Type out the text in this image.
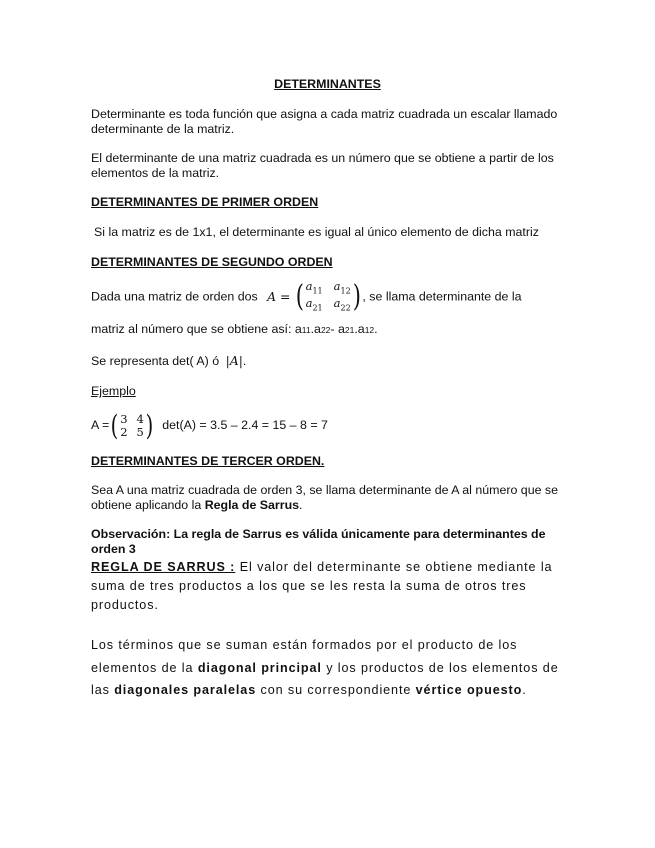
DETERMINANTES
Determinante es toda función que asigna a cada matriz cuadrada un escalar llamado determinante de la matriz.
El determinante de una matriz cuadrada es un número que se obtiene a partir de los elementos de la matriz.
DETERMINANTES DE PRIMER ORDEN
Si la matriz es de 1x1, el determinante es igual al único elemento de dicha matriz
DETERMINANTES DE SEGUNDO ORDEN
Dada una matriz de orden dos A = ( $a_{11}$ $a_{12}$
$a_{21}$ $a_{22}$ ) , se llama determinante de la
matriz al número que se obtiene así: a11.a22- a21.a12.
Se representa det( A) ó |A|.
Ejemplo
A =( 3 4
2 5 ) det(A) = 3.5 – 2.4 = 15 – 8 = 7
DETERMINANTES DE TERCER ORDEN.
Sea A una matriz cuadrada de orden 3, se llama determinante de A al número que se obtiene aplicando la Regla de Sarrus.
Observación: La regla de Sarrus es válida únicamente para determinantes de orden 3
REGLA DE SARRUS : El valor del determinante se obtiene mediante la suma de tres productos a los que se les resta la suma de otros tres productos.
Los términos que se suman están formados por el producto de los elementos de la diagonal principal y los productos de los elementos de las diagonales paralelas con su correspondiente vértice opuesto.
